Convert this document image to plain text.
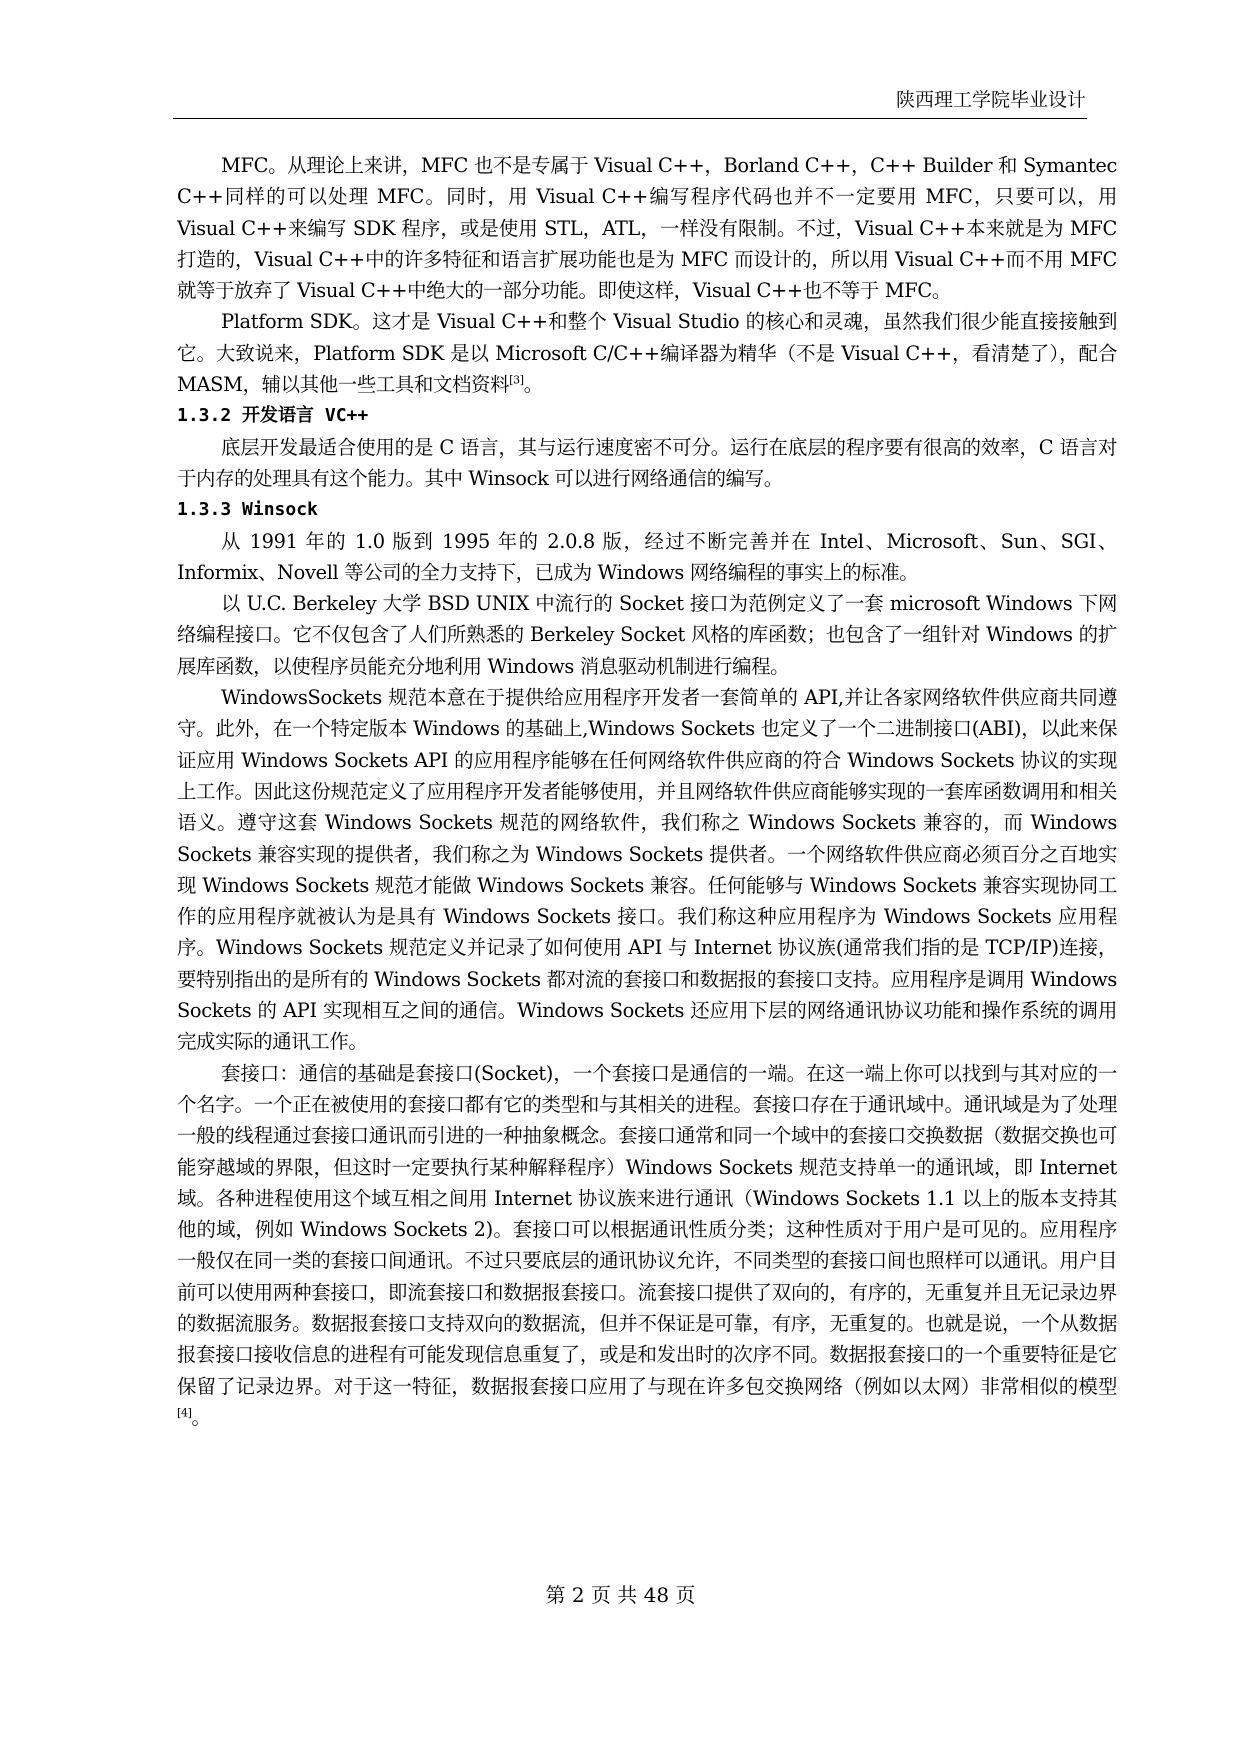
陕西理工学院毕业设计

MFC。从理论上来讲，MFC 也不是专属于 Visual C++，Borland C++，C++ Builder 和 Symantec C++同样的可以处理 MFC。同时，用 Visual C++编写程序代码也并不一定要用 MFC，只要可以，用 Visual C++来编写 SDK 程序，或是使用 STL，ATL，一样没有限制。不过，Visual C++本来就是为 MFC 打造的，Visual C++中的许多特征和语言扩展功能也是为 MFC 而设计的，所以用 Visual C++而不用 MFC 就等于放弃了 Visual C++中绝大的一部分功能。即使这样，Visual C++也不等于 MFC。

Platform SDK。这才是 Visual C++和整个 Visual Studio 的核心和灵魂，虽然我们很少能直接接触到它。大致说来，Platform SDK 是以 Microsoft C/C++编译器为精华（不是 Visual C++，看清楚了），配合 MASM，辅以其他一些工具和文档资料[3]。

1.3.2 开发语言 VC++

底层开发最适合使用的是 C 语言，其与运行速度密不可分。运行在底层的程序要有很高的效率，C 语言对于内存的处理具有这个能力。其中 Winsock 可以进行网络通信的编写。

1.3.3 Winsock

从 1991 年的 1.0 版到 1995 年的 2.0.8 版，经过不断完善并在 Intel、Microsoft、Sun、SGI、Informix、Novell 等公司的全力支持下，已成为 Windows 网络编程的事实上的标准。

以 U.C. Berkeley 大学 BSD UNIX 中流行的 Socket 接口为范例定义了一套 microsoft Windows 下网络编程接口。它不仅包含了人们所熟悉的 Berkeley Socket 风格的库函数；也包含了一组针对 Windows 的扩展库函数，以使程序员能充分地利用 Windows 消息驱动机制进行编程。

WindowsSockets 规范本意在于提供给应用程序开发者一套简单的 API,并让各家网络软件供应商共同遵守。此外，在一个特定版本 Windows 的基础上,Windows Sockets 也定义了一个二进制接口(ABI)，以此来保证应用 Windows Sockets API 的应用程序能够在任何网络软件供应商的符合 Windows Sockets 协议的实现上工作。因此这份规范定义了应用程序开发者能够使用，并且网络软件供应商能够实现的一套库函数调用和相关语义。遵守这套 Windows Sockets 规范的网络软件，我们称之 Windows Sockets 兼容的，而 Windows Sockets 兼容实现的提供者，我们称之为 Windows Sockets 提供者。一个网络软件供应商必须百分之百地实现 Windows Sockets 规范才能做 Windows Sockets 兼容。任何能够与 Windows Sockets 兼容实现协同工作的应用程序就被认为是具有 Windows Sockets 接口。我们称这种应用程序为 Windows Sockets 应用程序。Windows Sockets 规范定义并记录了如何使用 API 与 Internet 协议族(通常我们指的是 TCP/IP)连接，要特别指出的是所有的 Windows Sockets 都对流的套接口和数据报的套接口支持。应用程序是调用 Windows Sockets 的 API 实现相互之间的通信。Windows Sockets 还应用下层的网络通讯协议功能和操作系统的调用完成实际的通讯工作。

套接口：通信的基础是套接口(Socket)，一个套接口是通信的一端。在这一端上你可以找到与其对应的一个名字。一个正在被使用的套接口都有它的类型和与其相关的进程。套接口存在于通讯域中。通讯域是为了处理一般的线程通过套接口通讯而引进的一种抽象概念。套接口通常和同一个域中的套接口交换数据（数据交换也可能穿越域的界限，但这时一定要执行某种解释程序）Windows Sockets 规范支持单一的通讯域，即 Internet 域。各种进程使用这个域互相之间用 Internet 协议族来进行通讯（Windows Sockets 1.1 以上的版本支持其他的域，例如 Windows Sockets 2)。套接口可以根据通讯性质分类；这种性质对于用户是可见的。应用程序一般仅在同一类的套接口间通讯。不过只要底层的通讯协议允许，不同类型的套接口间也照样可以通讯。用户目前可以使用两种套接口，即流套接口和数据报套接口。流套接口提供了双向的，有序的，无重复并且无记录边界的数据流服务。数据报套接口支持双向的数据流，但并不保证是可靠，有序，无重复的。也就是说，一个从数据报套接口接收信息的进程有可能发现信息重复了，或是和发出时的次序不同。数据报套接口的一个重要特征是它保留了记录边界。对于这一特征，数据报套接口应用了与现在许多包交换网络（例如以太网）非常相似的模型[4]。

第 2 页 共 48 页
